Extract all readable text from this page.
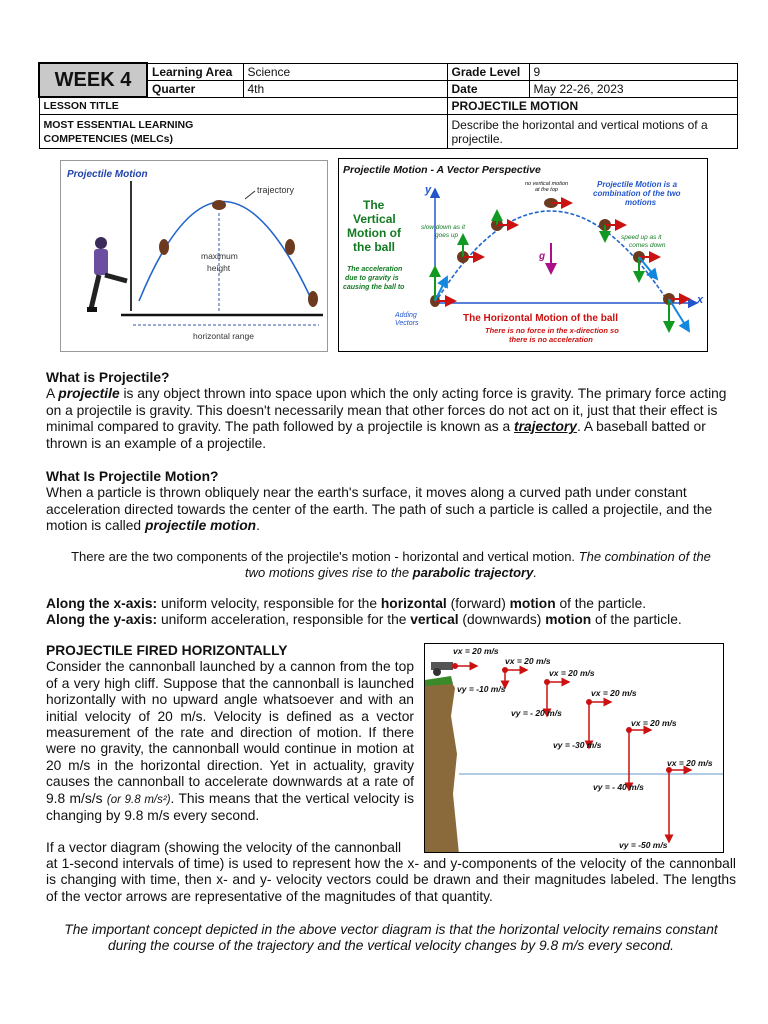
WEEK 4	Learning Area	Science	Grade Level	9
	Quarter	4th	Date	May 22-26, 2023
LESSON TITLE			PROJECTILE MOTION	

MOST ESSENTIAL LEARNING
COMPETENCIES (MELCs)			Describe the horizontal and vertical motions of a projectile.	
Projectile Motion
maximum
height
trajectory
horizontal range
Projectile Motion - A Vector Perspective
y
x
g
The
Vertical
Motion of
the ball
The acceleration
due to gravity is
causing the ball to
slow down as it
goes up
no vertical motion
at the top
Projectile Motion is a
combination of the two
motions
speed up as it
comes down
Adding
Vectors	The Horizontal Motion of the ball
There is no force in the x-direction so
there is no acceleration
What is Projectile?
A projectile is any object thrown into space upon which the only acting force is gravity. The primary force acting on a projectile is gravity. This doesn't necessarily mean that other forces do not act on it, just that their effect is minimal compared to gravity. The path followed by a projectile is known as a trajectory. A baseball batted or thrown is an example of a projectile.
What Is Projectile Motion?
When a particle is thrown obliquely near the earth's surface, it moves along a curved path under constant acceleration directed towards the center of the earth. The path of such a particle is called a projectile, and the motion is called projectile motion.
There are the two components of the projectile's motion - horizontal and vertical motion. The combination of the two motions gives rise to the parabolic trajectory.
Along the x-axis: uniform velocity, responsible for the horizontal (forward) motion of the particle.
Along the y-axis: uniform acceleration, responsible for the vertical (downwards) motion of the particle.
PROJECTILE FIRED HORIZONTALLY
Consider the cannonball launched by a cannon from the top of a very high cliff. Suppose that the cannonball is launched horizontally with no upward angle whatsoever and with an initial velocity of 20 m/s. Velocity is defined as a vector measurement of the rate and direction of motion. If there were no gravity, the cannonball would continue in motion at 20 m/s in the horizontal direction. Yet in actuality, gravity causes the cannonball to accelerate downwards at a rate of 9.8 m/s/s (or 9.8 m/s²). This means that the vertical velocity is changing by 9.8 m/s every second.
If a vector diagram (showing the velocity of the cannonball
at 1-second intervals of time) is used to represent how the x- and y-components of the velocity of the cannonball is changing with time, then x- and y- velocity vectors could be drawn and their magnitudes labeled. The lengths of the vector arrows are representative of the magnitudes of that quantity.
vx = 20 m/s
vx = 20 m/s
vx = 20 m/s
vx = 20 m/s
vx = 20 m/s
vx = 20 m/s
vy = -10 m/s
vy = - 20 m/s
vy = -30 m/s
vy = - 40 m/s
vy = -50 m/s
The important concept depicted in the above vector diagram is that the horizontal velocity remains constant during the course of the trajectory and the vertical velocity changes by 9.8 m/s every second.
